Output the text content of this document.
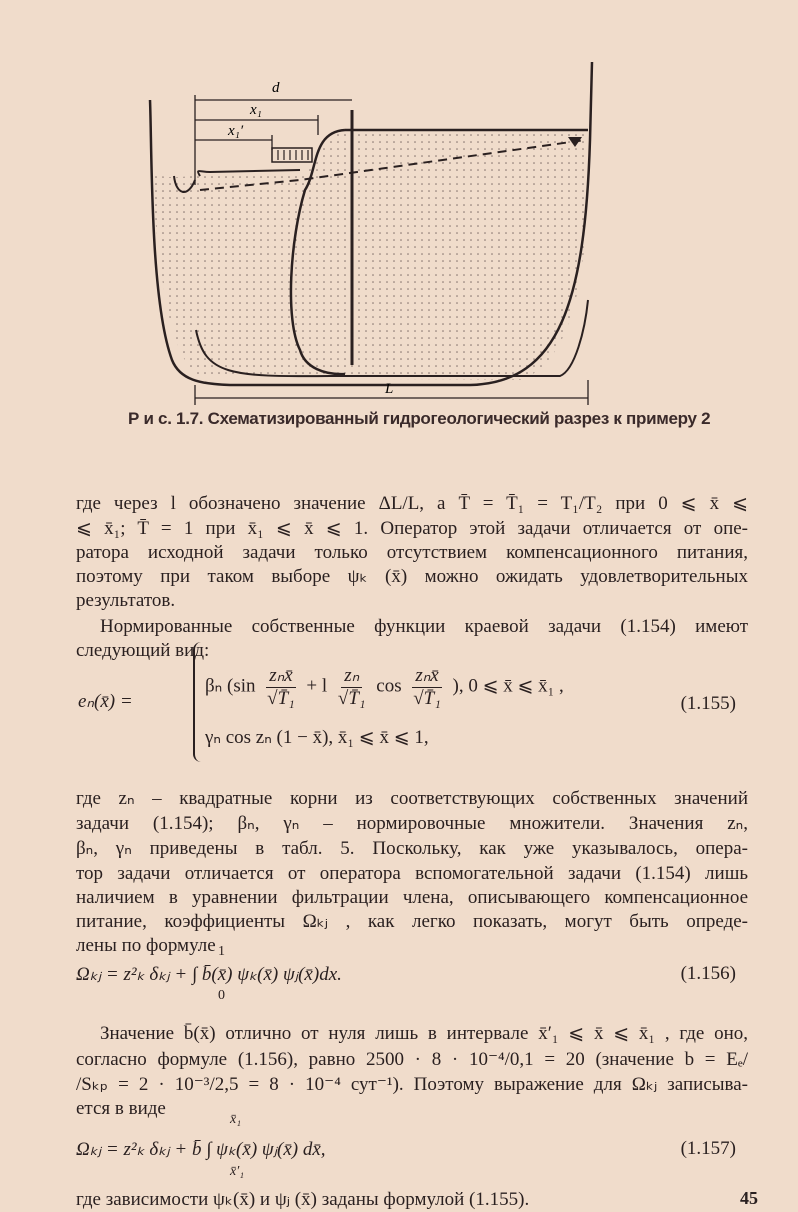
d
x₁
x₁′
L
Р и с. 1.7. Схематизированный гидрогеологический разрез к примеру 2
где через l обозначено значение ΔL/L, а T̄ = T̄₁ = T₁/T₂ при 0 ⩽ x̄ ⩽
⩽ x̄₁; T̄ = 1 при x̄₁ ⩽ x̄ ⩽ 1. Оператор этой задачи отличается от опе-
ратора исходной задачи только отсутствием компенсационного питания,
поэтому при таком выборе ψₖ (x̄) можно ожидать удовлетворительных
результатов.
Нормированные собственные функции краевой задачи (1.154) имеют
следующий вид:
eₙ(x̄) =
βₙ ($\sin \frac{\text{zₙx̄}}{\text{√T̄₁}} + l \frac{\text{zₙ}}{\text{√T̄₁}}$ $\cos \frac{\text{zₙx̄}}{\text{√T̄₁}}$ ), 0 ⩽ x̄ ⩽ x̄₁ ,
γₙ cos zₙ (1 − x̄), x̄₁ ⩽ x̄ ⩽ 1,
(1.155)
где zₙ – квадратные корни из соответствующих собственных значений
задачи (1.154); βₙ, γₙ – нормировочные множители. Значения zₙ,
βₙ, γₙ приведены в табл. 5. Поскольку, как уже указывалось, опера-
тор задачи отличается от оператора вспомогательной задачи (1.154) лишь
наличием в уравнении фильтрации члена, описывающего компенсационное
питание, коэффициенты Ωₖⱼ , как легко показать, могут быть опреде-
лены по формуле 1
0
Ωₖⱼ = z²ₖ δₖⱼ + ∫ b̄(x̄) ψₖ(x̄) ψⱼ(x̄)dx.	(1.156)
Значение b̄(x̄) отлично от нуля лишь в интервале x̄′₁ ⩽ x̄ ⩽ x̄₁ , где оно,
согласно формуле (1.156), равно 2500 · 8 · 10⁻⁴/0,1 = 20 (значение b = Eₑ/
/Sₖₚ = 2 · 10⁻³/2,5 = 8 · 10⁻⁴ сут⁻¹). Поэтому выражение для Ωₖⱼ записыва-
ется в виде
x̄₁
x̄′₁
Ωₖⱼ = z²ₖ δₖⱼ + b̄ ∫ ψₖ(x̄) ψⱼ(x̄) dx̄,	(1.157)
где зависимости ψₖ(x̄) и ψⱼ (x̄) заданы формулой (1.155).	45
